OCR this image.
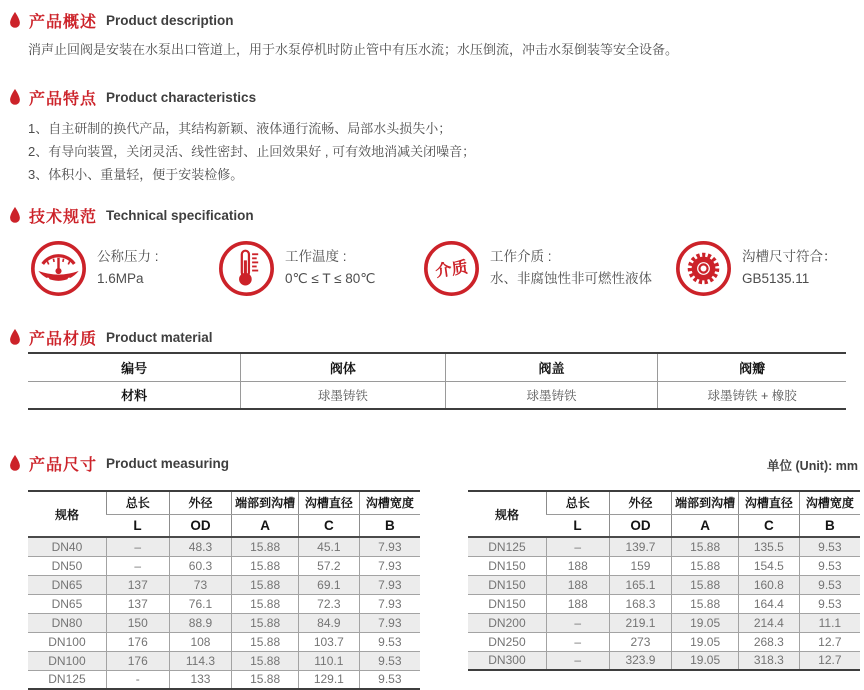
产品概述 Product description
消声止回阀是安装在水泵出口管道上，用于水泵停机时防止管中有压水流；水压倒流，冲击水泵倒装等安全设备。
产品特点 Product characteristics
1、自主研制的换代产品，其结构新颖、液体通行流畅、局部水头损失小；
2、有导向装置，关闭灵活、线性密封、止回效果好 , 可有效地消减关闭噪音；
3、体积小、重量轻，便于安装检修。
技术规范 Technical specification
公称压力 :
1.6MPa
工作温度 :
0℃ ≤ T ≤ 80℃	介质
工作介质 :
水、非腐蚀性非可燃性液体
沟槽尺寸符合：
GB5135.11
产品材质 Product material
编号	阀体	阀盖	阀瓣
材料	球墨铸铁	球墨铸铁	球墨铸铁 + 橡胶
产品尺寸 Product measuring	单位 (Unit): mm
规格	总长	外径	端部到沟槽	沟槽直径	沟槽宽度
	L	OD	A	C	B
DN40	–	48.3	15.88	45.1	7.93
DN50	–	60.3	15.88	57.2	7.93
DN65	137	73	15.88	69.1	7.93
DN65	137	76.1	15.88	72.3	7.93
DN80	150	88.9	15.88	84.9	7.93
DN100	176	108	15.88	103.7	9.53
DN100	176	114.3	15.88	110.1	9.53
DN125	-	133	15.88	129.1	9.53
规格	总长	外径	端部到沟槽	沟槽直径	沟槽宽度
	L	OD	A	C	B
DN125	–	139.7	15.88	135.5	9.53
DN150	188	159	15.88	154.5	9.53
DN150	188	165.1	15.88	160.8	9.53
DN150	188	168.3	15.88	164.4	9.53
DN200	–	219.1	19.05	214.4	11.1
DN250	–	273	19.05	268.3	12.7
DN300	–	323.9	19.05	318.3	12.7
